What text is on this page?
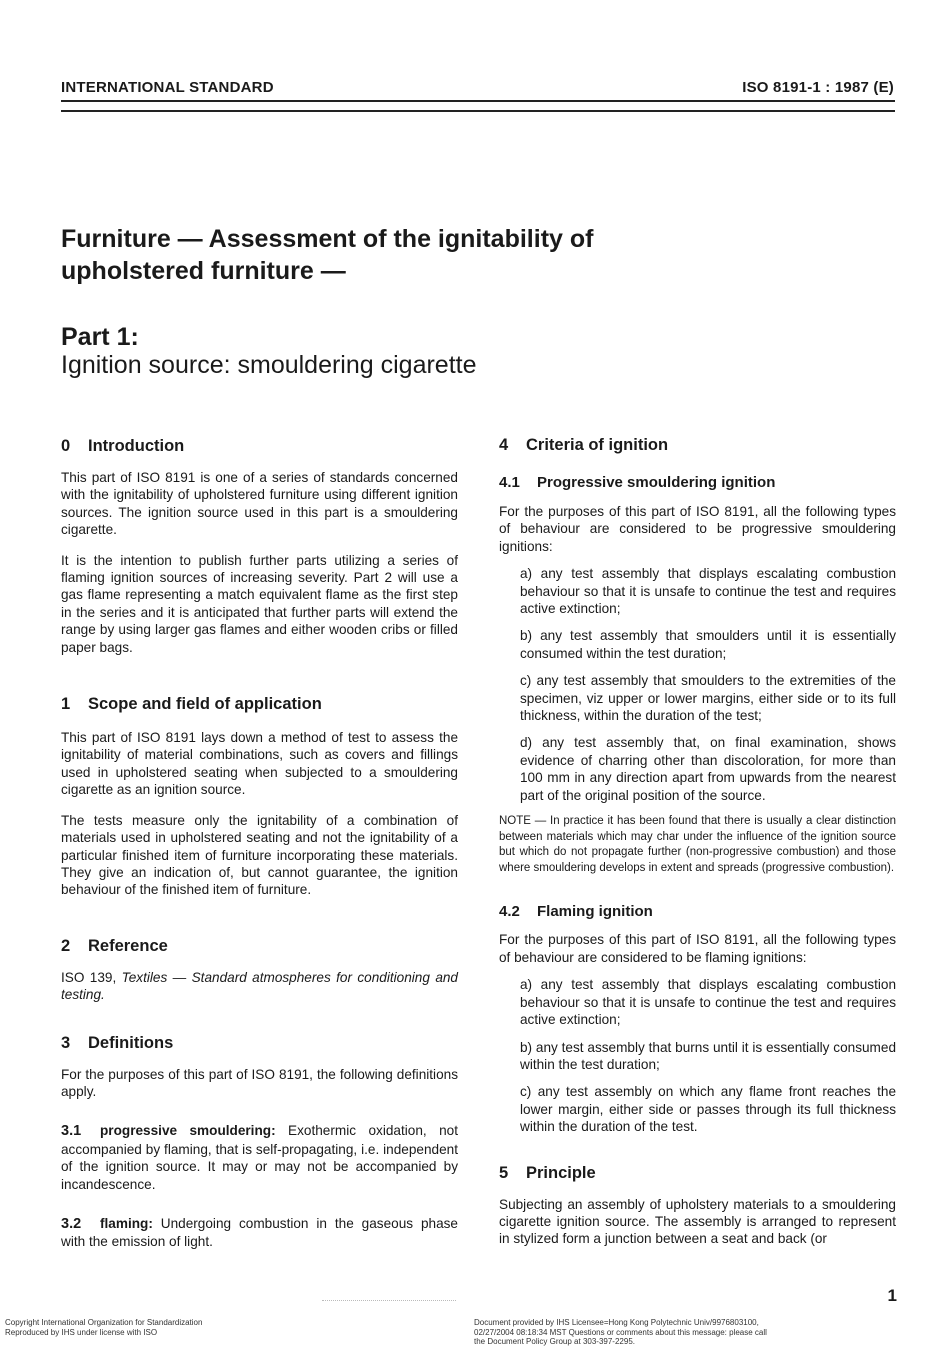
INTERNATIONAL STANDARD	ISO 8191-1 : 1987 (E)
Furniture — Assessment of the ignitability of
upholstered furniture —
Part 1:
Ignition source: smouldering cigarette
0 Introduction

This part of ISO 8191 is one of a series of standards concerned with the ignitability of upholstered furniture using different ignition sources. The ignition source used in this part is a smouldering cigarette.

It is the intention to publish further parts utilizing a series of flaming ignition sources of increasing severity. Part 2 will use a gas flame representing a match equivalent flame as the first step in the series and it is anticipated that further parts will extend the range by using larger gas flames and either wooden cribs or filled paper bags.

1 Scope and field of application

This part of ISO 8191 lays down a method of test to assess the ignitability of material combinations, such as covers and fillings used in upholstered seating when subjected to a smouldering cigarette as an ignition source.

The tests measure only the ignitability of a combination of materials used in upholstered seating and not the ignitability of a particular finished item of furniture incorporating these materials. They give an indication of, but cannot guarantee, the ignition behaviour of the finished item of furniture.

2 Reference

ISO 139, Textiles — Standard atmospheres for conditioning and testing.

3 Definitions

For the purposes of this part of ISO 8191, the following definitions apply.

3.1 progressive smouldering: Exothermic oxidation, not accompanied by flaming, that is self-propagating, i.e. independent of the ignition source. It may or may not be accompanied by incandescence.

3.2 flaming: Undergoing combustion in the gaseous phase with the emission of light.

4 Criteria of ignition
4.1 Progressive smouldering ignition

For the purposes of this part of ISO 8191, all the following types of behaviour are considered to be progressive smouldering ignitions:

a) any test assembly that displays escalating combustion behaviour so that it is unsafe to continue the test and requires active extinction;

b) any test assembly that smoulders until it is essentially consumed within the test duration;

c) any test assembly that smoulders to the extremities of the specimen, viz upper or lower margins, either side or to its full thickness, within the duration of the test;

d) any test assembly that, on final examination, shows evidence of charring other than discoloration, for more than 100 mm in any direction apart from upwards from the nearest part of the original position of the source.

NOTE — In practice it has been found that there is usually a clear distinction between materials which may char under the influence of the ignition source but which do not propagate further (non-progressive combustion) and those where smouldering develops in extent and spreads (progressive combustion).

4.2 Flaming ignition

For the purposes of this part of ISO 8191, all the following types of behaviour are considered to be flaming ignitions:

a) any test assembly that displays escalating combustion behaviour so that it is unsafe to continue the test and requires active extinction;

b) any test assembly that burns until it is essentially consumed within the test duration;

c) any test assembly on which any flame front reaches the lower margin, either side or passes through its full thickness within the duration of the test.

5 Principle

Subjecting an assembly of upholstery materials to a smouldering cigarette ignition source. The assembly is arranged to represent in stylized form a junction between a seat and back (or

1
Copyright International Organization for Standardization
Reproduced by IHS under license with ISO
Document provided by IHS Licensee=Hong Kong Polytechnic Univ/9976803100,
02/27/2004 08:18:34 MST Questions or comments about this message: please call
the Document Policy Group at 303-397-2295.
